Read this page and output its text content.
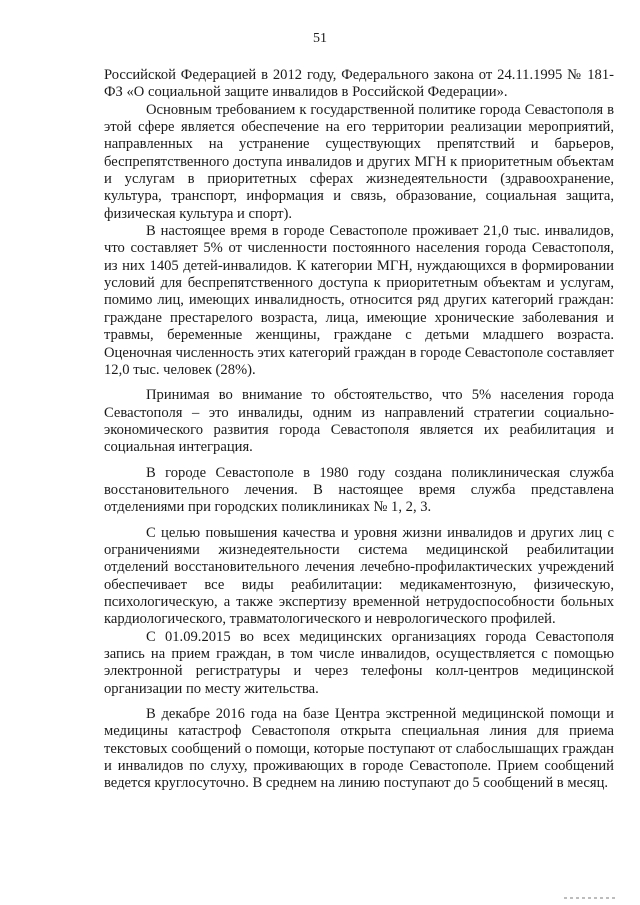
51

Российской Федерацией в 2012 году, Федерального закона от 24.11.1995 № 181-ФЗ «О социальной защите инвалидов в Российской Федерации».

Основным требованием к государственной политике города Севастополя в этой сфере является обеспечение на его территории реализации мероприятий, направленных на устранение существующих препятствий и барьеров, беспрепятственного доступа инвалидов и других МГН к приоритетным объектам и услугам в приоритетных сферах жизнедеятельности (здравоохранение, культура, транспорт, информация и связь, образование, социальная защита, физическая культура и спорт).

В настоящее время в городе Севастополе проживает 21,0 тыс. инвалидов, что составляет 5% от численности постоянного населения города Севастополя, из них 1405 детей-инвалидов. К категории МГН, нуждающихся в формировании условий для беспрепятственного доступа к приоритетным объектам и услугам, помимо лиц, имеющих инвалидность, относится ряд других категорий граждан: граждане престарелого возраста, лица, имеющие хронические заболевания и травмы, беременные женщины, граждане с детьми младшего возраста. Оценочная численность этих категорий граждан в городе Севастополе составляет 12,0 тыс. человек (28%).

Принимая во внимание то обстоятельство, что 5% населения города Севастополя – это инвалиды, одним из направлений стратегии социально-экономического развития города Севастополя является их реабилитация и социальная интеграция.

В городе Севастополе в 1980 году создана поликлиническая служба восстановительного лечения. В настоящее время служба представлена отделениями при городских поликлиниках № 1, 2, 3.

С целью повышения качества и уровня жизни инвалидов и других лиц с ограничениями жизнедеятельности система медицинской реабилитации отделений восстановительного лечения лечебно-профилактических учреждений обеспечивает все виды реабилитации: медикаментозную, физическую, психологическую, а также экспертизу временной нетрудоспособности больных кардиологического, травматологического и неврологического профилей.

С 01.09.2015 во всех медицинских организациях города Севастополя запись на прием граждан, в том числе инвалидов, осуществляется с помощью электронной регистратуры и через телефоны колл-центров медицинской организации по месту жительства.

В декабре 2016 года на базе Центра экстренной медицинской помощи и медицины катастроф Севастополя открыта специальная линия для приема текстовых сообщений о помощи, которые поступают от слабослышащих граждан и инвалидов по слуху, проживающих в городе Севастополе. Прием сообщений ведется круглосуточно. В среднем на линию поступают до 5 сообщений в месяц.
